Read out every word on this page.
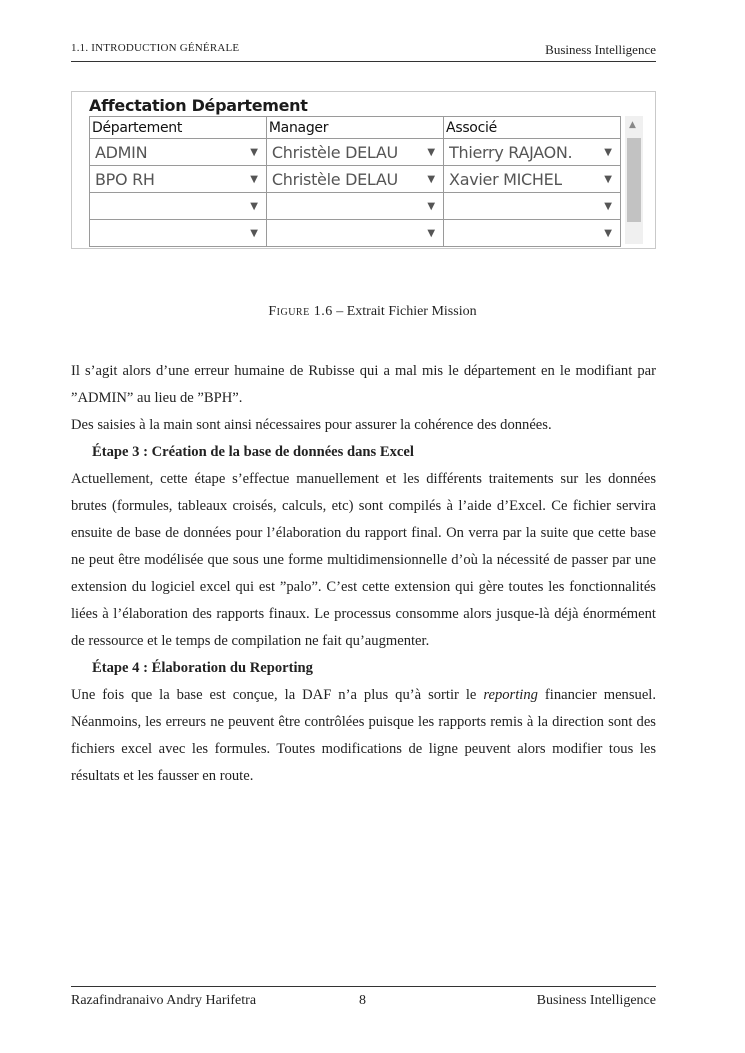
1.1. INTRODUCTION GÉNÉRALE	Business Intelligence
Affectation Département
Département	Manager	Associé

ADMIN ▼	Christèle DELAU ▼	Thierry RAJAON. ▼

BPO RH ▼	Christèle DELAU ▼	Xavier MICHEL ▼

▼	▼	▼

▼	▼	▼
▲
Figure 1.6 – Extrait Fichier Mission

Il s’agit alors d’une erreur humaine de Rubisse qui a mal mis le département en le modifiant par ”ADMIN” au lieu de ”BPH”.

Des saisies à la main sont ainsi nécessaires pour assurer la cohérence des données.

Étape 3 : Création de la base de données dans Excel

Actuellement, cette étape s’effectue manuellement et les différents traitements sur les données brutes (formules, tableaux croisés, calculs, etc) sont compilés à l’aide d’Excel. Ce fichier servira ensuite de base de données pour l’élaboration du rapport final. On verra par la suite que cette base ne peut être modélisée que sous une forme multidimensionnelle d’où la nécessité de passer par une extension du logiciel excel qui est ”palo”. C’est cette extension qui gère toutes les fonctionnalités liées à l’élaboration des rapports finaux. Le processus consomme alors jusque-là déjà énormément de ressource et le temps de compilation ne fait qu’augmenter.

Étape 4 : Élaboration du Reporting

Une fois que la base est conçue, la DAF n’a plus qu’à sortir le reporting financier mensuel. Néanmoins, les erreurs ne peuvent être contrôlées puisque les rapports remis à la direction sont des fichiers excel avec les formules. Toutes modifications de ligne peuvent alors modifier tous les résultats et les fausser en route.

Razafindranaivo Andry Harifetra	8	Business Intelligence
